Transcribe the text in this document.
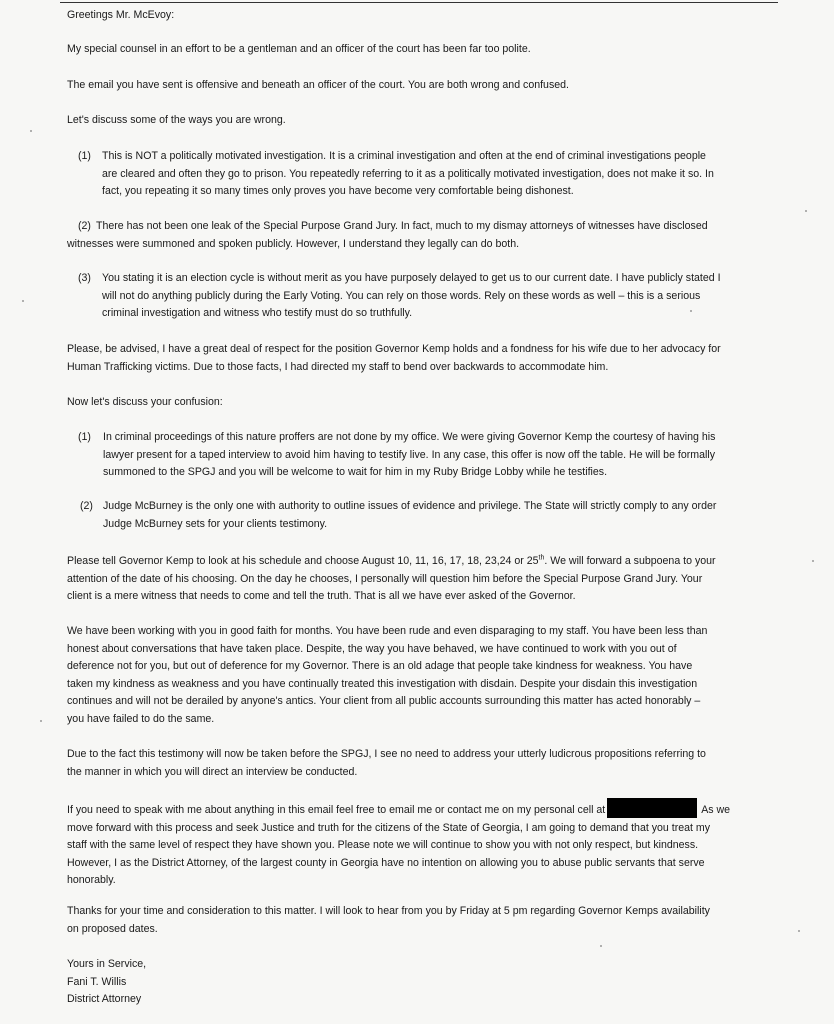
Greetings Mr. McEvoy:

My special counsel in an effort to be a gentleman and an officer of the court has been far too polite.

The email you have sent is offensive and beneath an officer of the court. You are both wrong and confused.

Let's discuss some of the ways you are wrong.

(1) This is NOT a politically motivated investigation. It is a criminal investigation and often at the end of criminal investigations people
are cleared and often they go to prison. You repeatedly referring to it as a politically motivated investigation, does not make it so. In
fact, you repeating it so many times only proves you have become very comfortable being dishonest.
(2) There has not been one leak of the Special Purpose Grand Jury. In fact, much to my dismay attorneys of witnesses have disclosed
witnesses were summoned and spoken publicly. However, I understand they legally can do both.
(3) You stating it is an election cycle is without merit as you have purposely delayed to get us to our current date. I have publicly stated I
will not do anything publicly during the Early Voting. You can rely on those words. Rely on these words as well – this is a serious
criminal investigation and witness who testify must do so truthfully.
Please, be advised, I have a great deal of respect for the position Governor Kemp holds and a fondness for his wife due to her advocacy for
Human Trafficking victims. Due to those facts, I had directed my staff to bend over backwards to accommodate him.

Now let's discuss your confusion:

(1) In criminal proceedings of this nature proffers are not done by my office. We were giving Governor Kemp the courtesy of having his
lawyer present for a taped interview to avoid him having to testify live. In any case, this offer is now off the table. He will be formally
summoned to the SPGJ and you will be welcome to wait for him in my Ruby Bridge Lobby while he testifies.
(2) Judge McBurney is the only one with authority to outline issues of evidence and privilege. The State will strictly comply to any order
Judge McBurney sets for your clients testimony.
Please tell Governor Kemp to look at his schedule and choose August 10, 11, 16, 17, 18, 23,24 or 25th. We will forward a subpoena to your
attention of the date of his choosing. On the day he chooses, I personally will question him before the Special Purpose Grand Jury. Your
client is a mere witness that needs to come and tell the truth. That is all we have ever asked of the Governor.
We have been working with you in good faith for months. You have been rude and even disparaging to my staff. You have been less than
honest about conversations that have taken place. Despite, the way you have behaved, we have continued to work with you out of
deference not for you, but out of deference for my Governor. There is an old adage that people take kindness for weakness. You have
taken my kindness as weakness and you have continually treated this investigation with disdain. Despite your disdain this investigation
continues and will not be derailed by anyone's antics. Your client from all public accounts surrounding this matter has acted honorably –
you have failed to do the same.
Due to the fact this testimony will now be taken before the SPGJ, I see no need to address your utterly ludicrous propositions referring to
the manner in which you will direct an interview be conducted.
If you need to speak with me about anything in this email feel free to email me or contact me on my personal cell at	As we
move forward with this process and seek Justice and truth for the citizens of the State of Georgia, I am going to demand that you treat my
staff with the same level of respect they have shown you. Please note we will continue to show you with not only respect, but kindness.
However, I as the District Attorney, of the largest county in Georgia have no intention on allowing you to abuse public servants that serve
honorably.
Thanks for your time and consideration to this matter. I will look to hear from you by Friday at 5 pm regarding Governor Kemps availability
on proposed dates.
Yours in Service,
Fani T. Willis
District Attorney
